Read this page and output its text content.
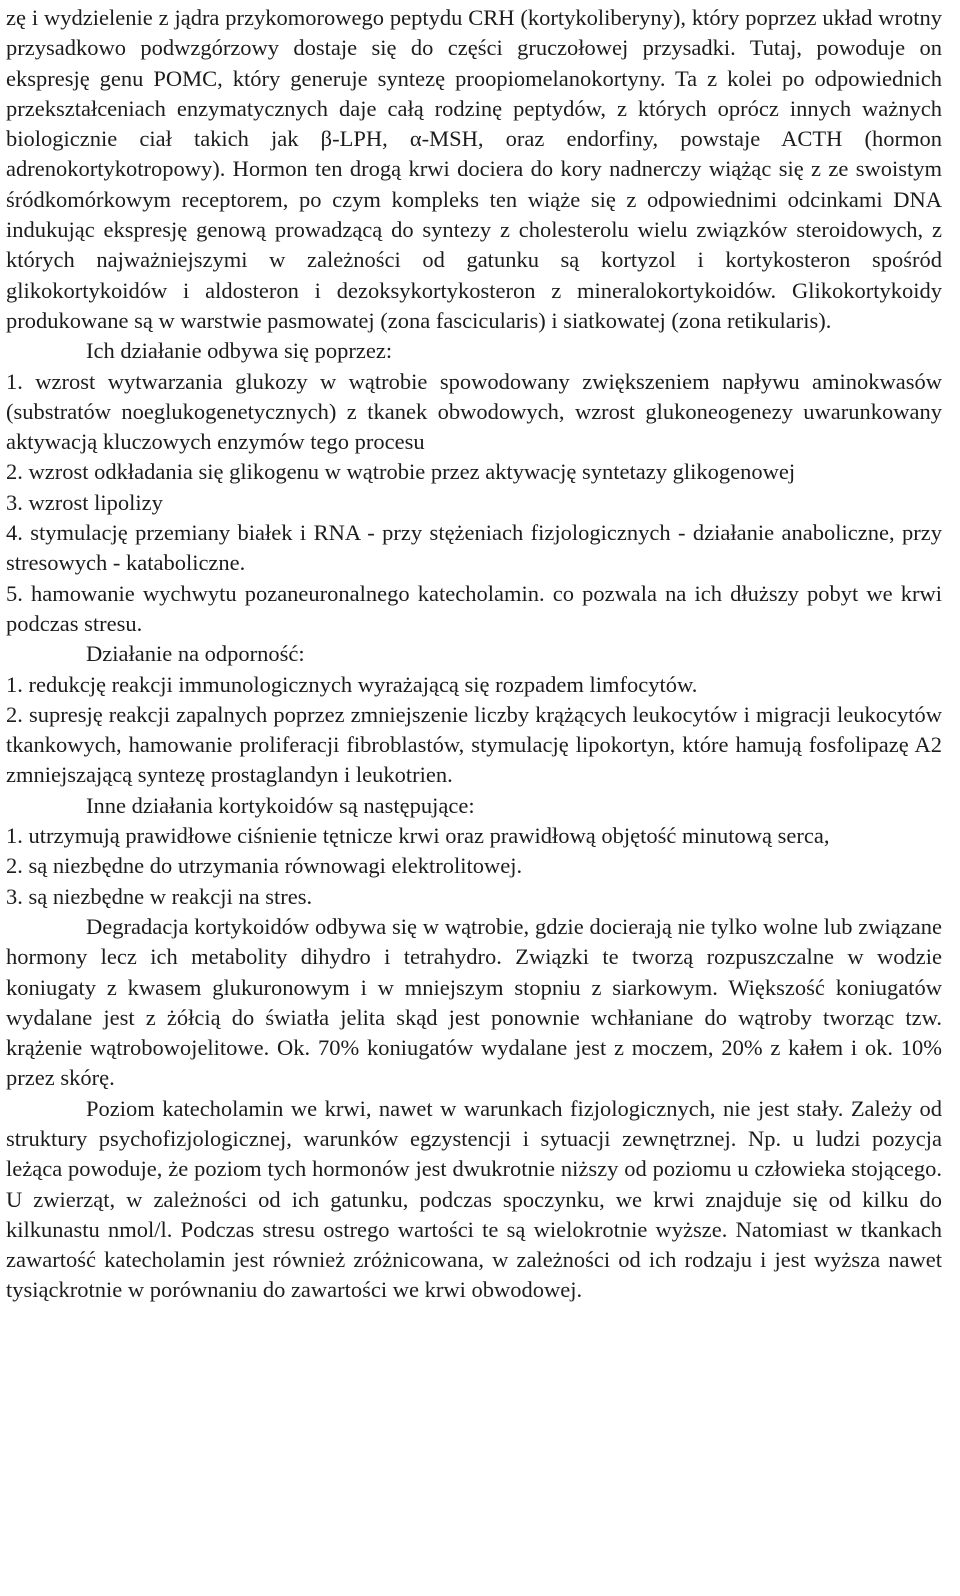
zę i wydzielenie z jądra przykomorowego peptydu CRH (kortykoliberyny), który poprzez układ wrotny przysadkowo podwzgórzowy dostaje się do części gruczołowej przysadki. Tutaj, powoduje on ekspresję genu POMC, który generuje syntezę proopiomelanokortyny. Ta z kolei po odpowiednich przekształceniach enzymatycznych daje całą rodzinę peptydów, z których oprócz innych ważnych biologicznie ciał takich jak β-LPH, α-MSH, oraz endorfiny, powstaje ACTH (hormon adrenokortykotropowy). Hormon ten drogą krwi dociera do kory nadnerczy wiążąc się z ze swoistym śródkomórkowym receptorem, po czym kompleks ten wiąże się z odpowiednimi odcinkami DNA indukując ekspresję genową prowadzącą do syntezy z cholesterolu wielu związków steroidowych, z których najważniejszymi w zależności od gatunku są kortyzol i kortykosteron spośród glikokortykoidów i aldosteron i dezoksykortykosteron z mineralokortykoidów. Glikokortykoidy produkowane są w warstwie pasmowatej (zona fascicularis) i siatkowatej (zona retikularis).

Ich działanie odbywa się poprzez:

1. wzrost wytwarzania glukozy w wątrobie spowodowany zwiększeniem napływu aminokwasów (substratów noeglukogenetycznych) z tkanek obwodowych, wzrost glukoneogenezy uwarunkowany aktywacją kluczowych enzymów tego procesu

2. wzrost odkładania się glikogenu w wątrobie przez aktywację syntetazy glikogenowej

3. wzrost lipolizy

4. stymulację przemiany białek i RNA - przy stężeniach fizjologicznych - działanie anaboliczne, przy stresowych - kataboliczne.

5. hamowanie wychwytu pozaneuronalnego katecholamin. co pozwala na ich dłuższy pobyt we krwi podczas stresu.

Działanie na odporność:

1. redukcję reakcji immunologicznych wyrażającą się rozpadem limfocytów.

2. supresję reakcji zapalnych poprzez zmniejszenie liczby krążących leukocytów i migracji leukocytów tkankowych, hamowanie proliferacji fibroblastów, stymulację lipokortyn, które hamują fosfolipazę A2 zmniejszającą syntezę prostaglandyn i leukotrien.

Inne działania kortykoidów są następujące:

1. utrzymują prawidłowe ciśnienie tętnicze krwi oraz prawidłową objętość minutową serca,

2. są niezbędne do utrzymania równowagi elektrolitowej.

3. są niezbędne w reakcji na stres.

Degradacja kortykoidów odbywa się w wątrobie, gdzie docierają nie tylko wolne lub związane hormony lecz ich metabolity dihydro i tetrahydro. Związki te tworzą rozpuszczalne w wodzie koniugaty z kwasem glukuronowym i w mniejszym stopniu z siarkowym. Większość koniugatów wydalane jest z żółcią do światła jelita skąd jest ponownie wchłaniane do wątroby tworząc tzw. krążenie wątrobowojelitowe. Ok. 70% koniugatów wydalane jest z moczem, 20% z kałem i ok. 10% przez skórę.

Poziom katecholamin we krwi, nawet w warunkach fizjologicznych, nie jest stały. Zależy od struktury psychofizjologicznej, warunków egzystencji i sytuacji zewnętrznej. Np. u ludzi pozycja leżąca powoduje, że poziom tych hormonów jest dwukrotnie niższy od poziomu u człowieka stojącego. U zwierząt, w zależności od ich gatunku, podczas spoczynku, we krwi znajduje się od kilku do kilkunastu nmol/l. Podczas stresu ostrego wartości te są wielokrotnie wyższe. Natomiast w tkankach zawartość katecholamin jest również zróżnicowana, w zależności od ich rodzaju i jest wyższa nawet tysiąckrotnie w porównaniu do zawartości we krwi obwodowej.
